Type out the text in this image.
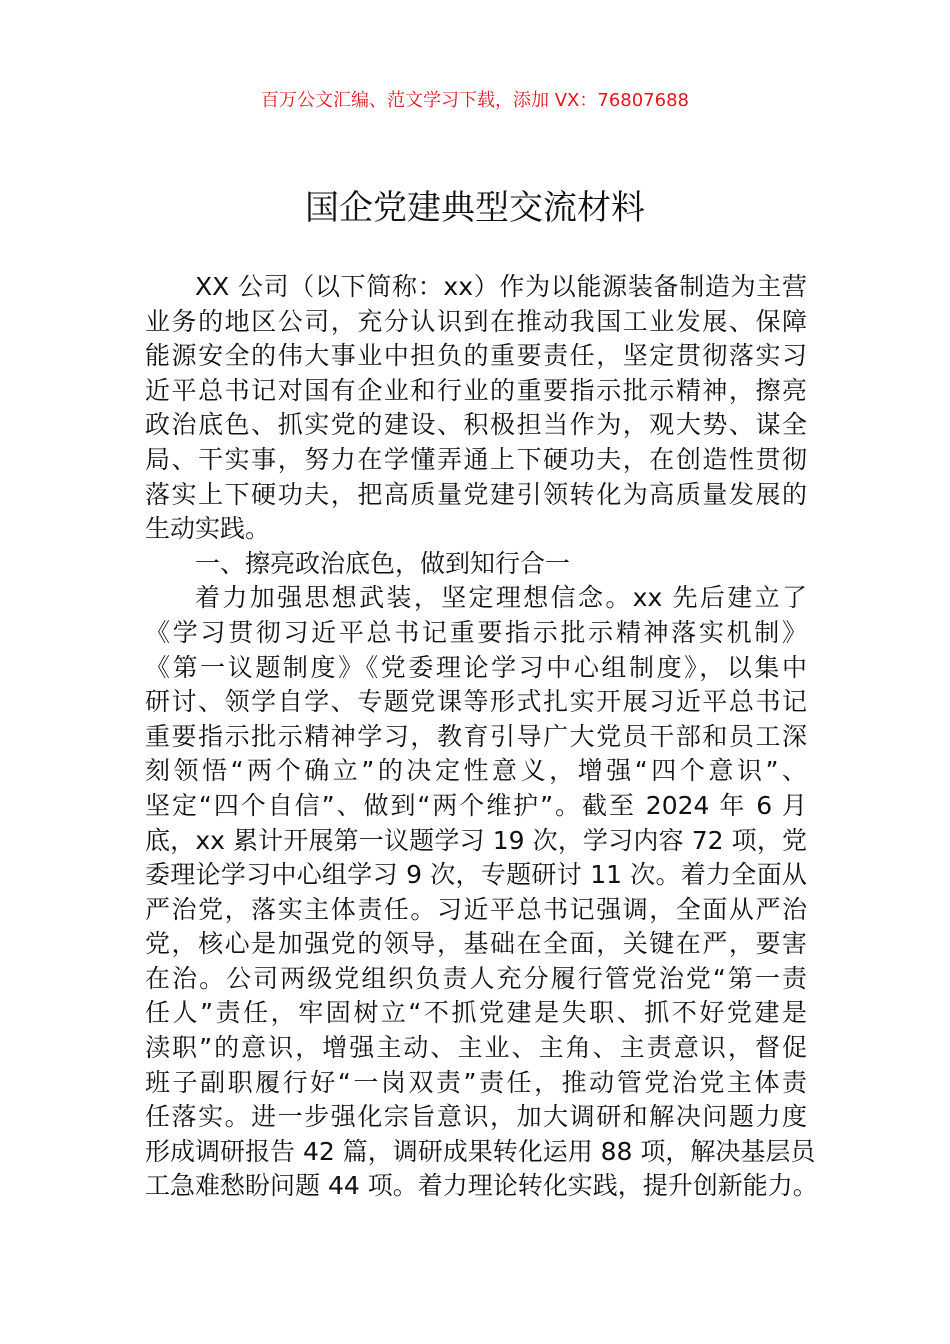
百万公文汇编、范文学习下载，添加 VX：76807688
国企党建典型交流材料
XX 公司（以下简称：xx）作为以能源装备制造为主营
业务的地区公司，充分认识到在推动我国工业发展、保障
能源安全的伟大事业中担负的重要责任，坚定贯彻落实习
近平总书记对国有企业和行业的重要指示批示精神，擦亮
政治底色、抓实党的建设、积极担当作为，观大势、谋全
局、干实事，努力在学懂弄通上下硬功夫，在创造性贯彻
落实上下硬功夫，把高质量党建引领转化为高质量发展的
生动实践。
一、擦亮政治底色，做到知行合一
着力加强思想武装，坚定理想信念。xx 先后建立了
《学习贯彻习近平总书记重要指示批示精神落实机制》
《第一议题制度》《党委理论学习中心组制度》，以集中
研讨、领学自学、专题党课等形式扎实开展习近平总书记
重要指示批示精神学习，教育引导广大党员干部和员工深
刻领悟“两个确立”的决定性意义，增强“四个意识”、
坚定“四个自信”、做到“两个维护”。截至 2024 年 6 月
底，xx 累计开展第一议题学习 19 次，学习内容 72 项，党
委理论学习中心组学习 9 次，专题研讨 11 次。着力全面从
严治党，落实主体责任。习近平总书记强调，全面从严治
党，核心是加强党的领导，基础在全面，关键在严，要害
在治。公司两级党组织负责人充分履行管党治党“第一责
任人”责任，牢固树立“不抓党建是失职、抓不好党建是
渎职”的意识，增强主动、主业、主角、主责意识，督促
班子副职履行好“一岗双责”责任，推动管党治党主体责
任落实。进一步强化宗旨意识，加大调研和解决问题力度
形成调研报告 42 篇，调研成果转化运用 88 项，解决基层员
工急难愁盼问题 44 项。着力理论转化实践，提升创新能力。
